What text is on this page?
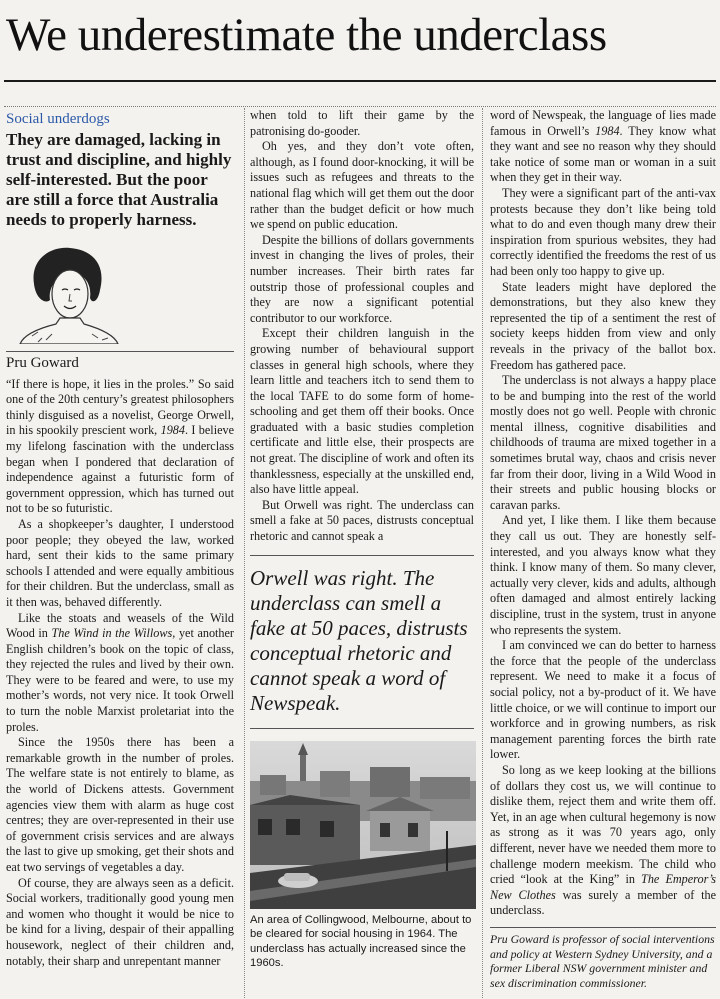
We underestimate the underclass
Social underdogs
They are damaged, lacking in trust and discipline, and highly self-interested. But the poor are still a force that Australia needs to properly harness.
Pru Goward

“If there is hope, it lies in the proles.” So said one of the 20th century’s greatest philosophers thinly disguised as a novelist, George Orwell, in his spookily prescient work, 1984. I believe my lifelong fascination with the underclass began when I pondered that declaration of independence against a futuristic form of government oppression, which has turned out not to be so futuristic.

As a shopkeeper’s daughter, I understood poor people; they obeyed the law, worked hard, sent their kids to the same primary schools I attended and were equally ambitious for their children. But the underclass, small as it then was, behaved differently.

Like the stoats and weasels of the Wild Wood in The Wind in the Willows, yet another English children’s book on the topic of class, they rejected the rules and lived by their own. They were to be feared and were, to use my mother’s words, not very nice. It took Orwell to turn the noble Marxist proletariat into the proles.

Since the 1950s there has been a remarkable growth in the number of proles. The welfare state is not entirely to blame, as the world of Dickens attests. Government agencies view them with alarm as huge cost centres; they are over-represented in their use of government crisis services and are always the last to give up smoking, get their shots and eat two servings of vegetables a day.

Of course, they are always seen as a deficit. Social workers, traditionally good young men and women who thought it would be nice to be kind for a living, despair of their appalling housework, neglect of their children and, notably, their sharp and unrepentant manner

when told to lift their game by the patronising do-gooder.

Oh yes, and they don’t vote often, although, as I found door-knocking, it will be issues such as refugees and threats to the national flag which will get them out the door rather than the budget deficit or how much we spend on public education.

Despite the billions of dollars governments invest in changing the lives of proles, their number increases. Their birth rates far outstrip those of professional couples and they are now a significant potential contributor to our workforce.

Except their children languish in the growing number of behavioural support classes in general high schools, where they learn little and teachers itch to send them to the local TAFE to do some form of home-schooling and get them off their books. Once graduated with a basic studies completion certificate and little else, their prospects are not great. The discipline of work and often its thanklessness, especially at the unskilled end, also have little appeal.

But Orwell was right. The underclass can smell a fake at 50 paces, distrusts conceptual rhetoric and cannot speak a

Orwell was right. The underclass can smell a fake at 50 paces, distrusts conceptual rhetoric and cannot speak a word of Newspeak.
An area of Collingwood, Melbourne, about to be cleared for social housing in 1964. The underclass has actually increased since the 1960s.

word of Newspeak, the language of lies made famous in Orwell’s 1984. They know what they want and see no reason why they should take notice of some man or woman in a suit when they get in their way.

They were a significant part of the anti-vax protests because they don’t like being told what to do and even though many drew their inspiration from spurious websites, they had correctly identified the freedoms the rest of us had been only too happy to give up.

State leaders might have deplored the demonstrations, but they also knew they represented the tip of a sentiment the rest of society keeps hidden from view and only reveals in the privacy of the ballot box. Freedom has gathered pace.

The underclass is not always a happy place to be and bumping into the rest of the world mostly does not go well. People with chronic mental illness, cognitive disabilities and childhoods of trauma are mixed together in a sometimes brutal way, chaos and crisis never far from their door, living in a Wild Wood in their streets and public housing blocks or caravan parks.

And yet, I like them. I like them because they call us out. They are honestly self-interested, and you always know what they think. I know many of them. So many clever, actually very clever, kids and adults, although often damaged and almost entirely lacking discipline, trust in the system, trust in anyone who represents the system.

I am convinced we can do better to harness the force that the people of the underclass represent. We need to make it a focus of social policy, not a by-product of it. We have little choice, or we will continue to import our workforce and in growing numbers, as risk management parenting forces the birth rate lower.

So long as we keep looking at the billions of dollars they cost us, we will continue to dislike them, reject them and write them off. Yet, in an age when cultural hegemony is now as strong as it was 70 years ago, only different, never have we needed them more to challenge modern meekism. The child who cried “look at the King” in The Emperor’s New Clothes was surely a member of the underclass.

Pru Goward is professor of social interventions and policy at Western Sydney University, and a former Liberal NSW government minister and sex discrimination commissioner.
